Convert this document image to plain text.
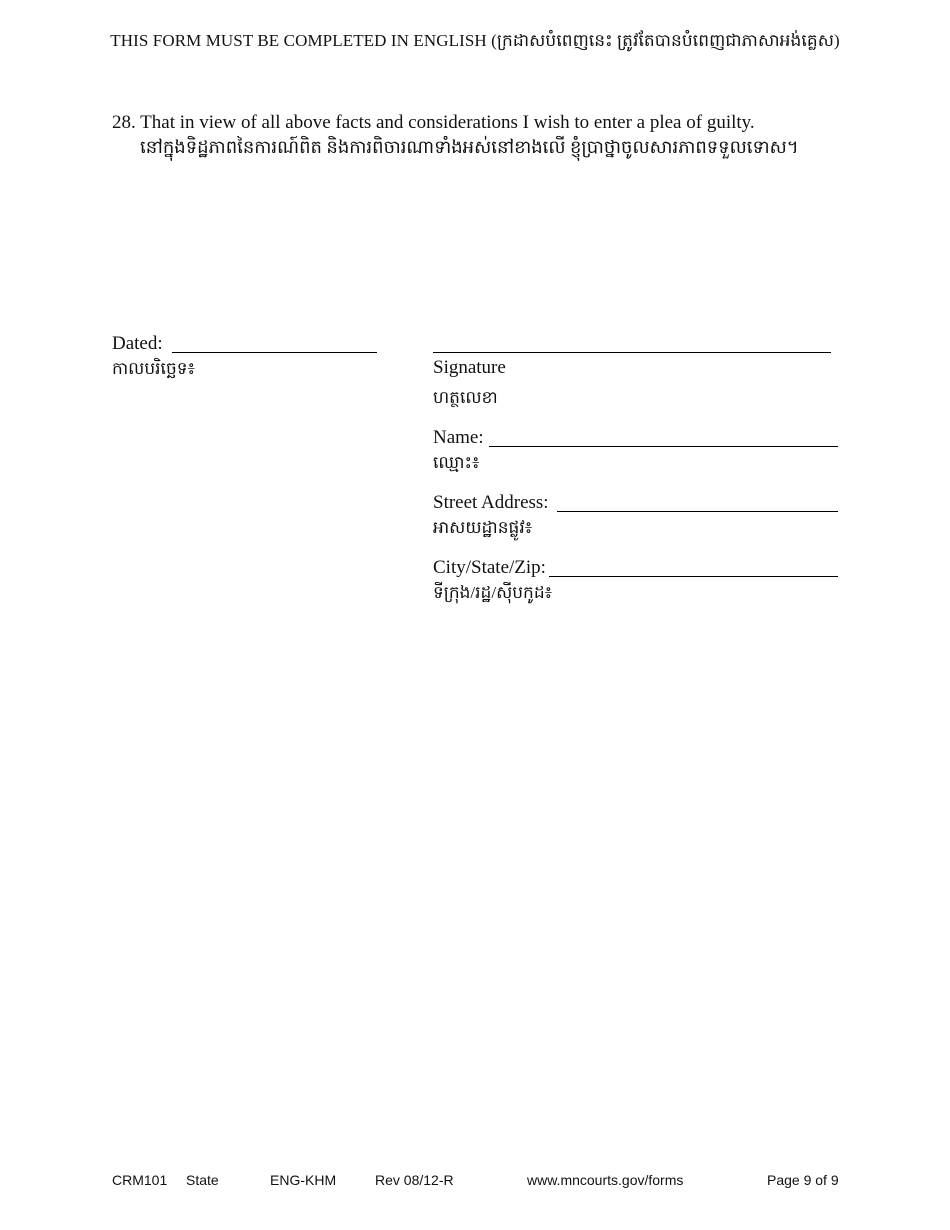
THIS FORM MUST BE COMPLETED IN ENGLISH (ក្រដាសបំពេញនេះ ត្រូវតែបានបំពេញជាភាសាអង់គ្លេស)
28. That in view of all above facts and considerations I wish to enter a plea of guilty.
នៅក្នុងទិដ្ឋភាពនៃការណ៍ពិត និងការពិចារណាទាំងអស់នៅខាងលើ ខ្ញុំប្រាថ្នាចូលសារភាពទទួលទោស។
Dated:
កាលបរិច្ឆេទ៖	Signature
ហត្ថលេខា
Name:
ឈ្មោះ៖
Street Address:
អាសយដ្ឋានផ្លូវ៖
City/State/Zip:
ទីក្រុង/រដ្ឋ/ស៊ីបកូដ៖
CRM101 State	ENG-KHM	Rev 08/12-R	www.mncourts.gov/forms	Page 9 of 9
